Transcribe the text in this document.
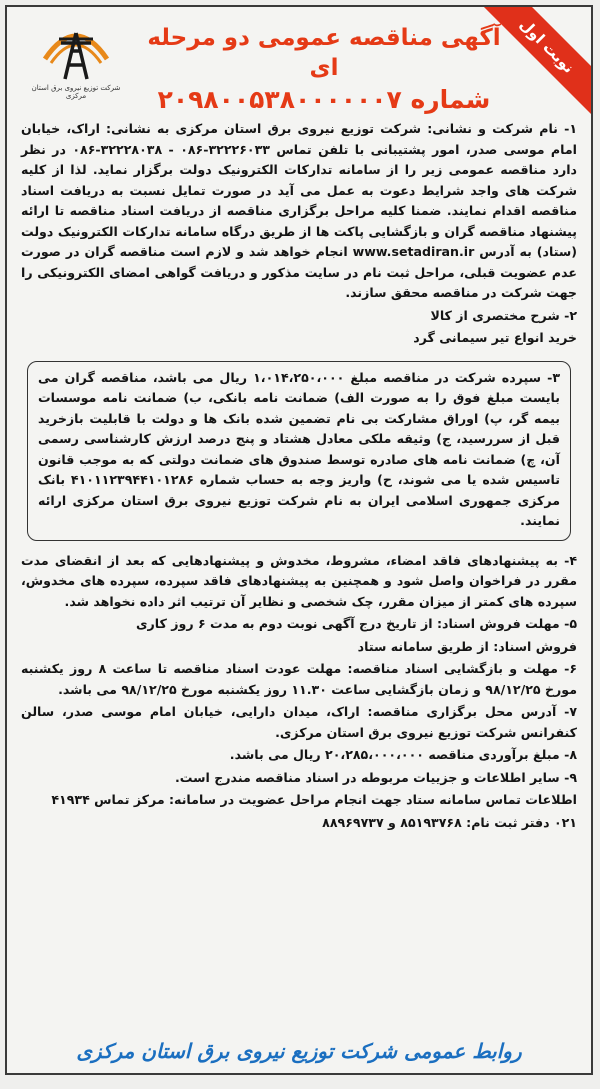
نوبت اول
شرکت توزیع نیروی برق استان مرکزی
آگهی مناقصه عمومی دو مرحله ای
شماره ۲۰۹۸۰۰۵۳۸۰۰۰۰۰۰۷

۱- نام شرکت و نشانی: شرکت توزیع نیروی برق استان مرکزی به نشانی: اراک، خیابان امام موسی صدر، امور پشتیبانی با تلفن تماس ۳۲۲۲۶۰۳۳-۰۸۶ - ۳۲۲۲۸۰۳۸-۰۸۶ در نظر دارد مناقصه عمومی زیر را از سامانه تدارکات الکترونیک دولت برگزار نماید. لذا از کلیه شرکت های واجد شرایط دعوت به عمل می آید در صورت تمایل نسبت به دریافت اسناد مناقصه اقدام نمایند. ضمنا کلیه مراحل برگزاری مناقصه از دریافت اسناد مناقصه تا ارائه پیشنهاد مناقصه گران و بازگشایی پاکت ها از طریق درگاه سامانه تدارکات الکترونیک دولت (ستاد) به آدرس www.setadiran.ir انجام خواهد شد و لازم است مناقصه گران در صورت عدم عضویت قبلی، مراحل ثبت نام در سایت مذکور و دریافت گواهی امضای الکترونیکی را جهت شرکت در مناقصه محقق سازند.

۲- شرح مختصری از کالا

خرید انواع تیر سیمانی گرد

۳- سپرده شرکت در مناقصه مبلغ ۱،۰۱۴،۲۵۰،۰۰۰ ریال می باشد، مناقصه گران می بایست مبلغ فوق را به صورت الف) ضمانت نامه بانکی، ب) ضمانت نامه موسسات بیمه گر، پ) اوراق مشارکت بی نام تضمین شده بانک ها و دولت با قابلیت بازخرید قبل از سررسید، ج) وثیقه ملکی معادل هشتاد و پنج درصد ارزش کارشناسی رسمی آن، چ) ضمانت نامه های صادره توسط صندوق های ضمانت دولتی که به موجب قانون تاسیس شده یا می شوند، ح) واریز وجه به حساب شماره ۴۱۰۱۱۲۳۹۴۴۱۰۱۲۸۶ بانک مرکزی جمهوری اسلامی ایران به نام شرکت توزیع نیروی برق استان مرکزی ارائه نمایند.

۴- به پیشنهادهای فاقد امضاء، مشروط، مخدوش و پیشنهادهایی که بعد از انقضای مدت مقرر در فراخوان واصل شود و همچنین به پیشنهادهای فاقد سپرده، سپرده های مخدوش، سپرده های کمتر از میزان مقرر، چک شخصی و نظایر آن ترتیب اثر داده نخواهد شد.

۵- مهلت فروش اسناد: از تاریخ درج آگهی نوبت دوم به مدت ۶ روز کاری

فروش اسناد: از طریق سامانه ستاد

۶- مهلت و بازگشایی اسناد مناقصه: مهلت عودت اسناد مناقصه تا ساعت ۸ روز یکشنبه مورخ ۹۸/۱۲/۲۵ و زمان بازگشایی ساعت ۱۱.۳۰ روز یکشنبه مورخ ۹۸/۱۲/۲۵ می باشد.

۷- آدرس محل برگزاری مناقصه: اراک، میدان دارایی، خیابان امام موسی صدر، سالن کنفرانس شرکت توزیع نیروی برق استان مرکزی.

۸- مبلغ برآوردی مناقصه ۲۰،۲۸۵،۰۰۰،۰۰۰ ریال می باشد.

۹- سایر اطلاعات و جزییات مربوطه در اسناد مناقصه مندرج است.

اطلاعات تماس سامانه ستاد جهت انجام مراحل عضویت در سامانه: مرکز تماس ۴۱۹۳۴

۰۲۱ دفتر ثبت نام: ۸۵۱۹۳۷۶۸ و ۸۸۹۶۹۷۳۷

روابط عمومی شرکت توزیع نیروی برق استان مرکزی
